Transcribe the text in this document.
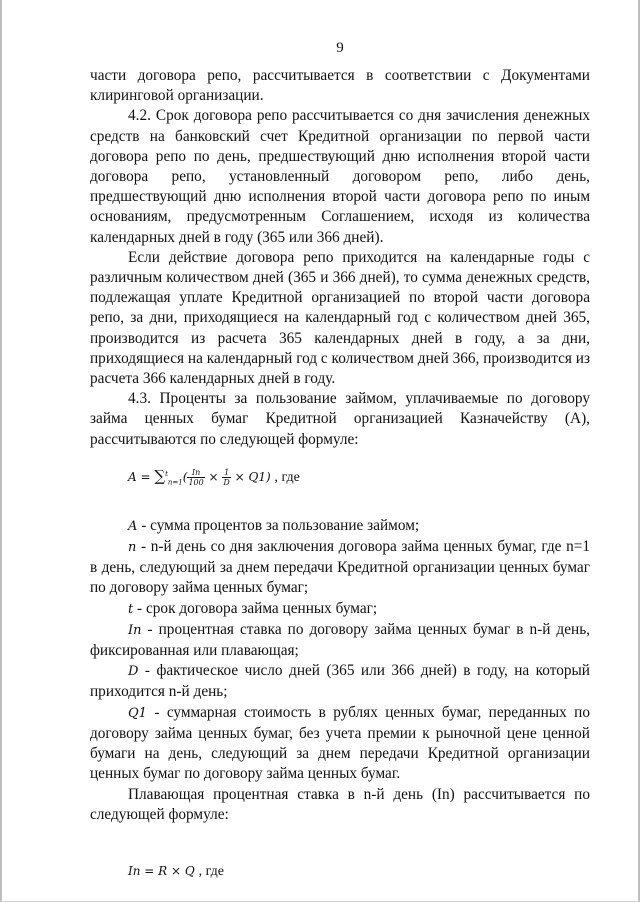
9

части договора репо, рассчитывается в соответствии с Документами клиринговой организации.

4.2. Срок договора репо рассчитывается со дня зачисления денежных средств на банковский счет Кредитной организации по первой части договора репо по день, предшествующий дню исполнения второй части договора репо, установленный договором репо, либо день, предшествующий дню исполнения второй части договора репо по иным основаниям, предусмотренным Соглашением, исходя из количества календарных дней в году (365 или 366 дней).

Если действие договора репо приходится на календарные годы с различным количеством дней (365 и 366 дней), то сумма денежных средств, подлежащая уплате Кредитной организацией по второй части договора репо, за дни, приходящиеся на календарный год с количеством дней 365, производится из расчета 365 календарных дней в году, а за дни, приходящиеся на календарный год с количеством дней 366, производится из расчета 366 календарных дней в году.

4.3. Проценты за пользование займом, уплачиваемые по договору займа ценных бумаг Кредитной организацией Казначейству (A), рассчитываются по следующей формуле:

$A = \sum^t_{n=1}( \frac{In}{100} \times \frac{1}{D} \times Q1)$ , где

A - сумма процентов за пользование займом;

n - n-й день со дня заключения договора займа ценных бумаг, где n=1 в день, следующий за днем передачи Кредитной организации ценных бумаг по договору займа ценных бумаг;

t - срок договора займа ценных бумаг;

In - процентная ставка по договору займа ценных бумаг в n-й день, фиксированная или плавающая;

D - фактическое число дней (365 или 366 дней) в году, на который приходится n-й день;

Q1 - суммарная стоимость в рублях ценных бумаг, переданных по договору займа ценных бумаг, без учета премии к рыночной цене ценной бумаги на день, следующий за днем передачи Кредитной организации ценных бумаг по договору займа ценных бумаг.

Плавающая процентная ставка в n-й день (In) рассчитывается по следующей формуле:

In = R × Q , где
